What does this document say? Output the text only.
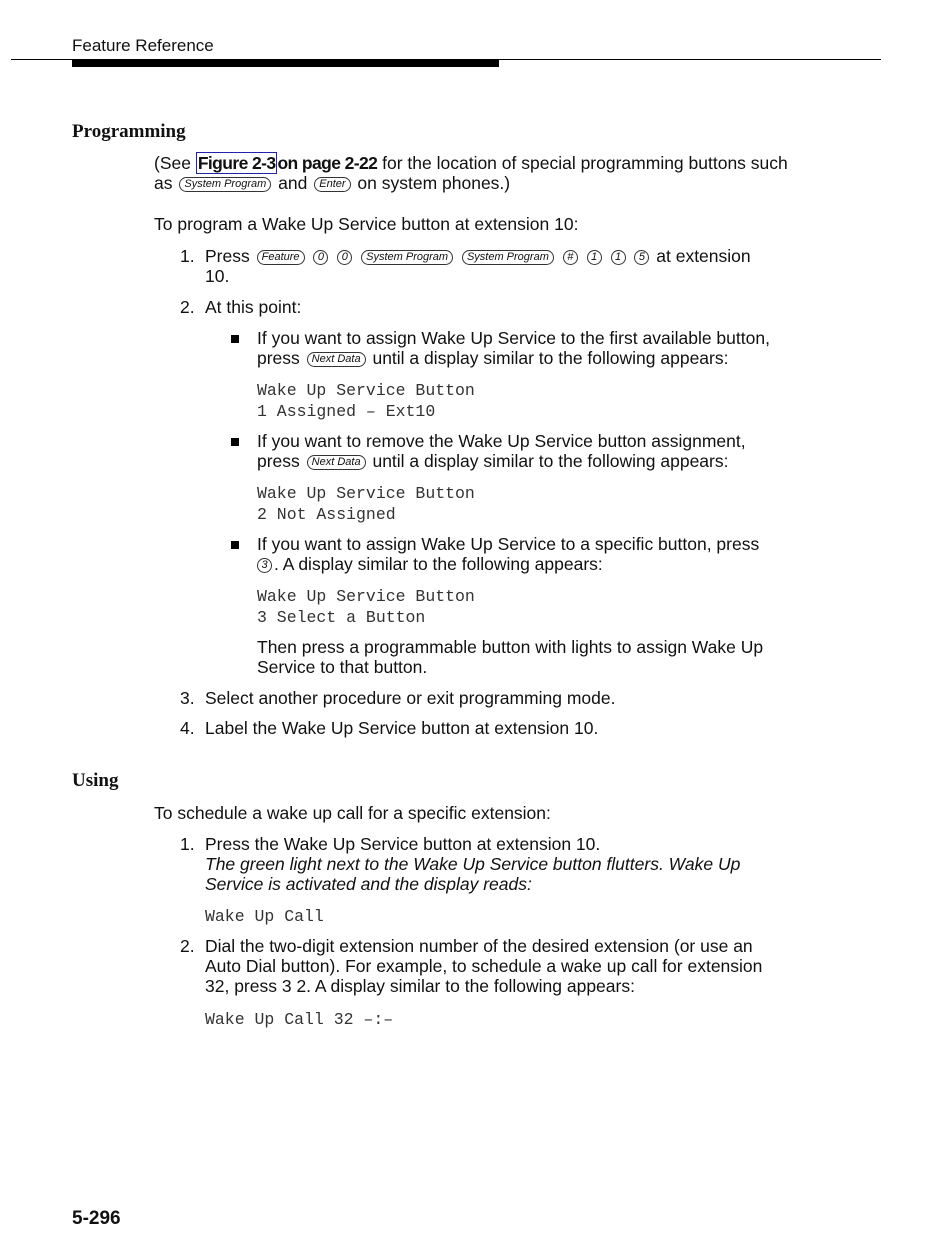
Feature Reference
Programming
(See Figure 2-3 on page 2-22 for the location of special programming buttons such
as System Program and Enter on system phones.)
To program a Wake Up Service button at extension 10:
1. Press Feature 0 0 System Program System Program # 1 1 5 at extension
10.
2. At this point:
If you want to assign Wake Up Service to the first available button,
press Next Data until a display similar to the following appears:
Wake Up Service Button
1 Assigned – Ext10
If you want to remove the Wake Up Service button assignment,
press Next Data until a display similar to the following appears:
Wake Up Service Button
2 Not Assigned
If you want to assign Wake Up Service to a specific button, press
3 . A display similar to the following appears:
Wake Up Service Button
3 Select a Button
Then press a programmable button with lights to assign Wake Up
Service to that button.
3. Select another procedure or exit programming mode.
4. Label the Wake Up Service button at extension 10.
Using
To schedule a wake up call for a specific extension:
1. Press the Wake Up Service button at extension 10.
The green light next to the Wake Up Service button flutters. Wake Up
Service is activated and the display reads:
Wake Up Call
2. Dial the two-digit extension number of the desired extension (or use an
Auto Dial button). For example, to schedule a wake up call for extension
32, press 3 2. A display similar to the following appears:
Wake Up Call 32 –:–
5-296
